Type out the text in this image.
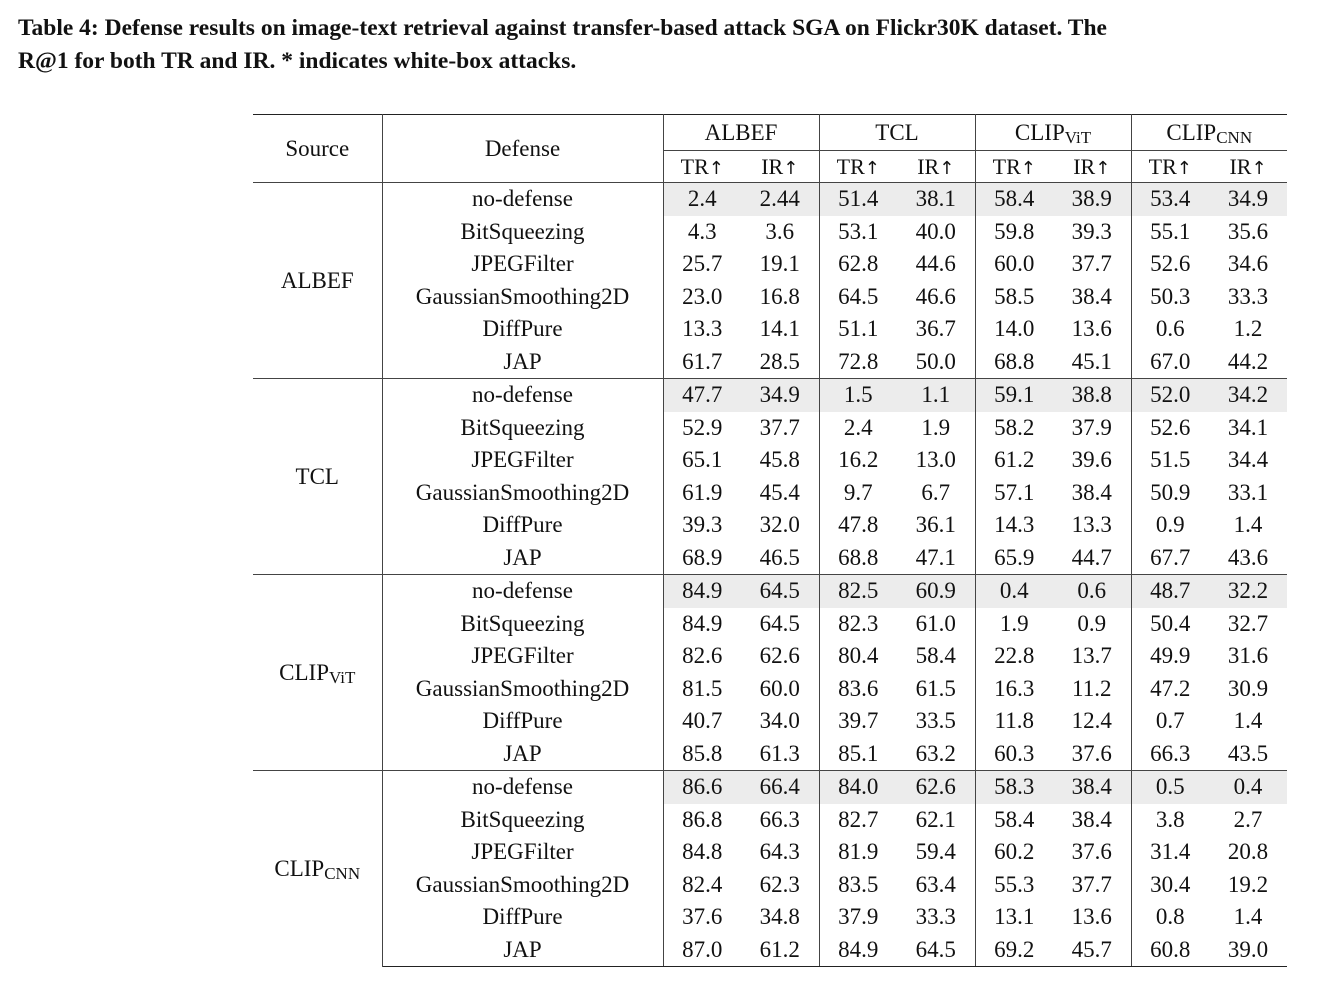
Table 4: Defense results on image-text retrieval against transfer-based attack SGA on Flickr30K dataset. The
R@1 for both TR and IR. * indicates white-box attacks.
Source	Defense	ALBEF		TCL		$CLIP_{ViT}$		$CLIP_{CNN}$
		TR↑	IR↑	TR↑	IR↑	TR↑	IR↑	TR↑	IR↑
ALBEF	no-defense	2.4	2.44	51.4	38.1	58.4	38.9	53.4	34.9
	BitSqueezing	4.3	3.6	53.1	40.0	59.8	39.3	55.1	35.6
	JPEGFilter	25.7	19.1	62.8	44.6	60.0	37.7	52.6	34.6
	GaussianSmoothing2D	23.0	16.8	64.5	46.6	58.5	38.4	50.3	33.3
	DiffPure	13.3	14.1	51.1	36.7	14.0	13.6	0.6	1.2
	JAP	61.7	28.5	72.8	50.0	68.8	45.1	67.0	44.2
TCL	no-defense	47.7	34.9	1.5	1.1	59.1	38.8	52.0	34.2
	BitSqueezing	52.9	37.7	2.4	1.9	58.2	37.9	52.6	34.1
	JPEGFilter	65.1	45.8	16.2	13.0	61.2	39.6	51.5	34.4
	GaussianSmoothing2D	61.9	45.4	9.7	6.7	57.1	38.4	50.9	33.1
	DiffPure	39.3	32.0	47.8	36.1	14.3	13.3	0.9	1.4
	JAP	68.9	46.5	68.8	47.1	65.9	44.7	67.7	43.6
$CLIP_{ViT}$	no-defense	84.9	64.5	82.5	60.9	0.4	0.6	48.7	32.2
	BitSqueezing	84.9	64.5	82.3	61.0	1.9	0.9	50.4	32.7
	JPEGFilter	82.6	62.6	80.4	58.4	22.8	13.7	49.9	31.6
	GaussianSmoothing2D	81.5	60.0	83.6	61.5	16.3	11.2	47.2	30.9
	DiffPure	40.7	34.0	39.7	33.5	11.8	12.4	0.7	1.4
	JAP	85.8	61.3	85.1	63.2	60.3	37.6	66.3	43.5
$CLIP_{CNN}$	no-defense	86.6	66.4	84.0	62.6	58.3	38.4	0.5	0.4
	BitSqueezing	86.8	66.3	82.7	62.1	58.4	38.4	3.8	2.7
	JPEGFilter	84.8	64.3	81.9	59.4	60.2	37.6	31.4	20.8
	GaussianSmoothing2D	82.4	62.3	83.5	63.4	55.3	37.7	30.4	19.2
	DiffPure	37.6	34.8	37.9	33.3	13.1	13.6	0.8	1.4
	JAP	87.0	61.2	84.9	64.5	69.2	45.7	60.8	39.0
